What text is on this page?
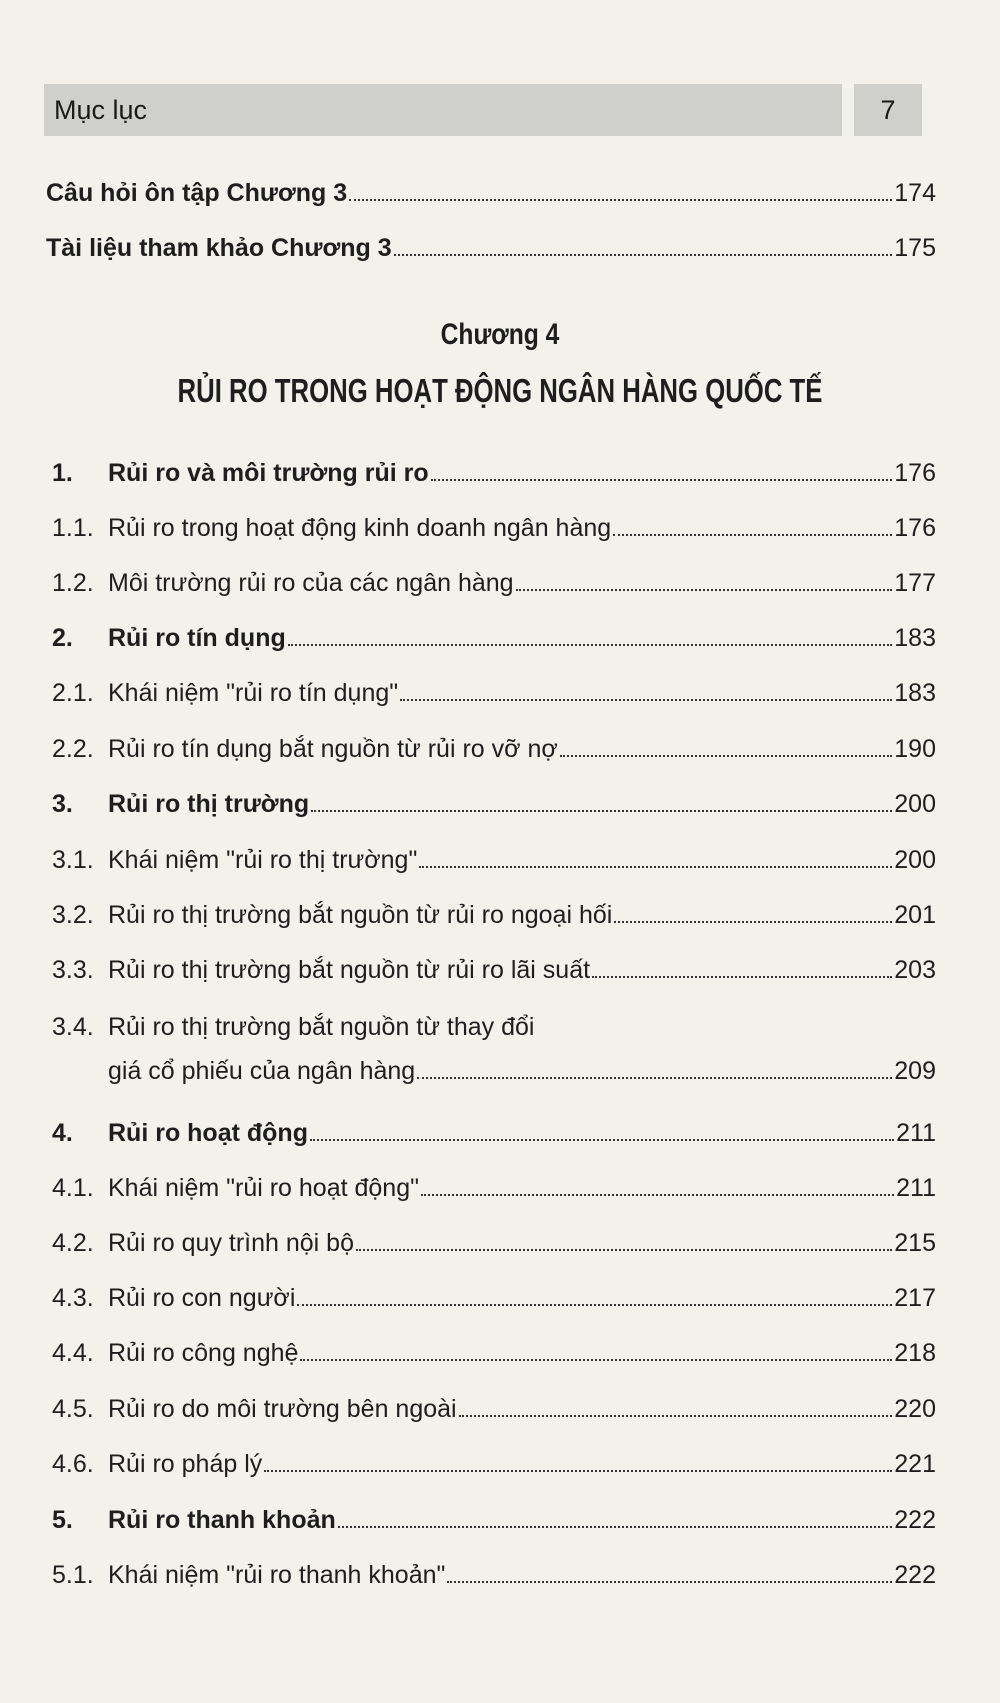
Mục lục	7
Câu hỏi ôn tập Chương 3	174
Tài liệu tham khảo Chương 3	175
Chương 4
RỦI RO TRONG HOẠT ĐỘNG NGÂN HÀNG QUỐC TẾ
1. Rủi ro và môi trường rủi ro	176
1.1. Rủi ro trong hoạt động kinh doanh ngân hàng	176
1.2. Môi trường rủi ro của các ngân hàng	177
2. Rủi ro tín dụng	183
2.1. Khái niệm "rủi ro tín dụng"	183
2.2. Rủi ro tín dụng bắt nguồn từ rủi ro vỡ nợ	190
3. Rủi ro thị trường	200
3.1. Khái niệm "rủi ro thị trường"	200
3.2. Rủi ro thị trường bắt nguồn từ rủi ro ngoại hối	201
3.3. Rủi ro thị trường bắt nguồn từ rủi ro lãi suất	203
3.4. Rủi ro thị trường bắt nguồn từ thay đổi
giá cổ phiếu của ngân hàng	209
4. Rủi ro hoạt động	211
4.1. Khái niệm "rủi ro hoạt động"	211
4.2. Rủi ro quy trình nội bộ	215
4.3. Rủi ro con người	217
4.4. Rủi ro công nghệ	218
4.5. Rủi ro do môi trường bên ngoài	220
4.6. Rủi ro pháp lý	221
5. Rủi ro thanh khoản	222
5.1. Khái niệm "rủi ro thanh khoản"	222
